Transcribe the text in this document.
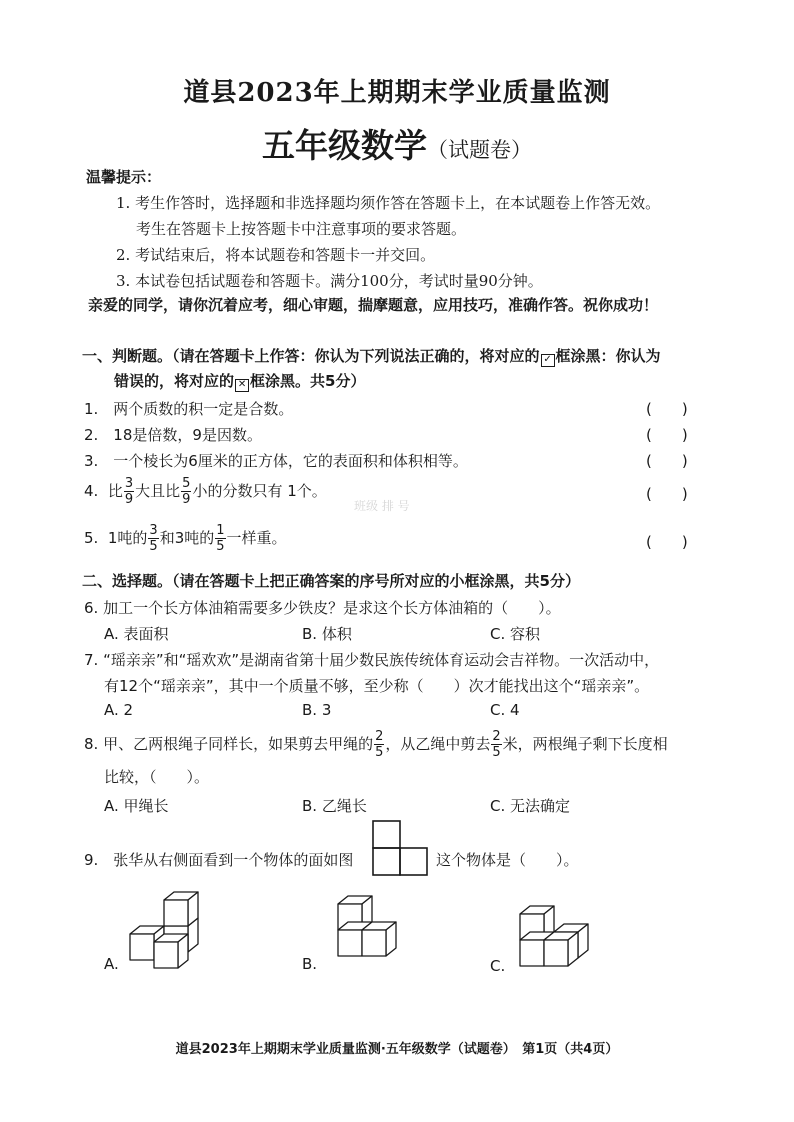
道县2023年上期期末学业质量监测
五年级数学（试题卷）
温馨提示：
1. 考生作答时，选择题和非选择题均须作答在答题卡上，在本试题卷上作答无效。
考生在答题卡上按答题卡中注意事项的要求答题。
2. 考试结束后，将本试题卷和答题卡一并交回。
3. 本试卷包括试题卷和答题卡。满分100分，考试时量90分钟。
亲爱的同学，请你沉着应考，细心审题，揣摩题意，应用技巧，准确作答。祝你成功！
一、判断题。（请在答题卡上作答：你认为下列说法正确的，将对应的 ✓ 框涂黑：你认为
错误的，将对应的 ✕ 框涂黑。共5分）
1.　两个质数的积一定是合数。	(　　)
2.　18是倍数，9是因数。	(　　)
3.　一个棱长为6厘米的正方体，它的表面积和体积相等。	(　　)
4. 比 $\frac{3}{9}$ 大且比 $\frac{5}{9}$ 小的分数只有 1个。	(　　)
班级 排 号
5. 1吨的 $\frac{3}{5}$ 和3吨的 $\frac{1}{5}$ 一样重。	(　　)
二、选择题。（请在答题卡上把正确答案的序号所对应的小框涂黑，共5分）
6. 加工一个长方体油箱需要多少铁皮？是求这个长方体油箱的（　　）。
A. 表面积	B. 体积	C. 容积
7. “瑶亲亲”和“瑶欢欢”是湖南省第十届少数民族传统体育运动会吉祥物。一次活动中，
有12个“瑶亲亲”，其中一个质量不够，至少称（　　）次才能找出这个“瑶亲亲”。
A. 2	B. 3	C. 4
8. 甲、乙两根绳子同样长，如果剪去甲绳的 $\frac{2}{5}$ ，从乙绳中剪去 $\frac{2}{5}$ 米，两根绳子剩下长度相
比较，（　　）。
A. 甲绳长	B. 乙绳长	C. 无法确定
9.　张华从右侧面看到一个物体的面如图	这个物体是（　　）。
A.	B.	C.
道县2023年上期期末学业质量监测·五年级数学（试题卷）　第1页（共4页）
